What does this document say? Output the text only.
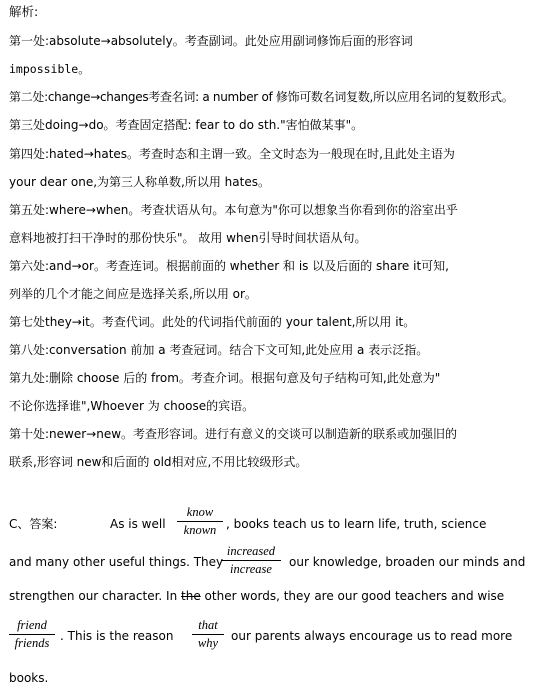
解析:
第一处:absolute→absolutely。考查副词。此处应用副词修饰后面的形容词
impossible。
第二处:change→changes考查名词: a number of 修饰可数名词复数,所以应用名词的复数形式。
第三处doing→do。考查固定搭配: fear to do sth."害怕做某事"。
第四处:hated→hates。考查时态和主谓一致。全文时态为一般现在时,且此处主语为
your dear one,为第三人称单数,所以用 hates。
第五处:where→when。考查状语从句。本句意为"你可以想象当你看到你的浴室出乎
意料地被打扫干净时的那份快乐"。 故用 when引导时间状语从句。
第六处:and→or。考查连词。根据前面的 whether 和 is 以及后面的 share it可知,
列举的几个才能之间应是选择关系,所以用 or。
第七处they→it。考查代词。此处的代词指代前面的 your talent,所以用 it。
第八处:conversation 前加 a 考查冠词。结合下文可知,此处应用 a 表示泛指。
第九处:删除 choose 后的 from。考查介词。根据句意及句子结构可知,此处意为"
不论你选择谁",Whoever 为 choose的宾语。
第十处:newer→new。考查形容词。进行有意义的交谈可以制造新的联系或加强旧的
联系,形容词 new和后面的 old相对应,不用比较级形式。
C、答案:	As is well
know
known , books teach us to learn life, truth, science
and many other useful things. They
increased
increase	our knowledge, broaden our minds and
strengthen our character. In the other words, they are our good teachers and wise
friend
friends . This is the reason
that
why	our parents always encourage us to read more
books.
